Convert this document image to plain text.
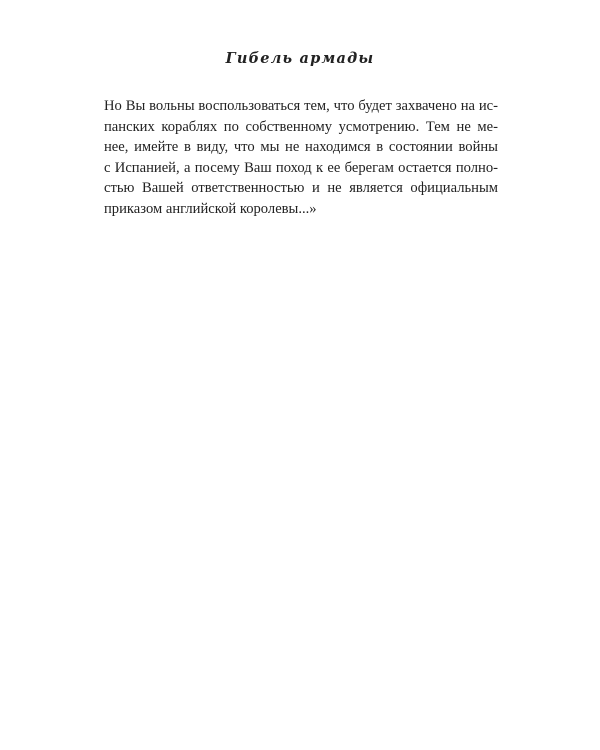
Гибель армады
Но Вы вольны воспользоваться тем, что будет захвачено на ис-
панских кораблях по собственному усмотрению. Тем не ме-
нее, имейте в виду, что мы не находимся в состоянии войны
с Испанией, а посему Ваш поход к ее берегам остается полно-
стью Вашей ответственностью и не является официальным
приказом английской королевы...»
